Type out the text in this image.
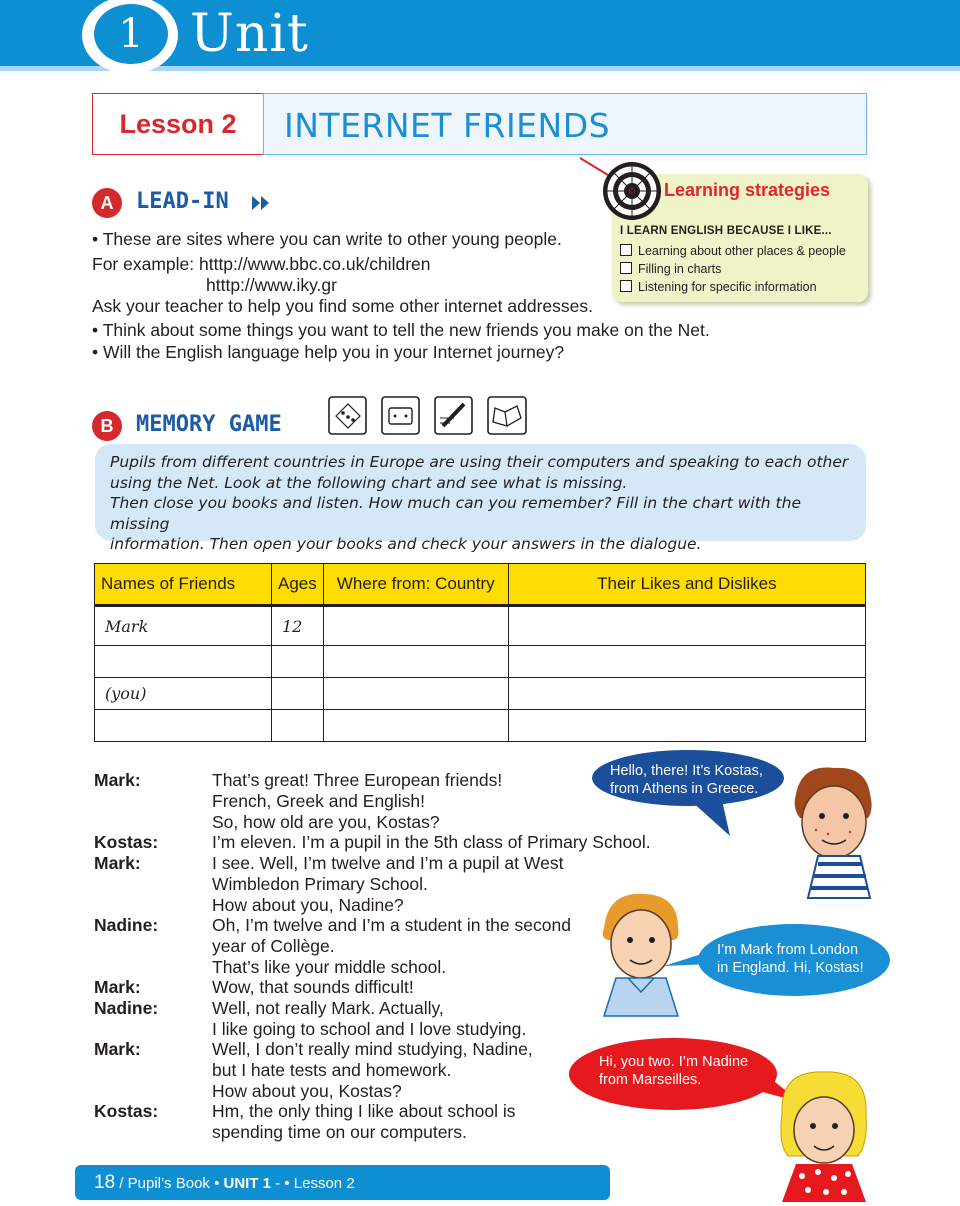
1 Unit
Lesson 2	INTERNET FRIENDS
A	LEAD-IN
• These are sites where you can write to other young people.
For example: htttp://www.bbc.co.uk/children
htttp://www.iky.gr
Ask your teacher to help you find some other internet addresses.
• Think about some things you want to tell the new friends you make on the Net.
• Will the English language help you in your Internet journey?
Learning strategies
I LEARN ENGLISH BECAUSE I LIKE...
Learning about other places & people
Filling in charts
Listening for specific information
B	MEMORY GAME
Pupils from different countries in Europe are using their computers and speaking to each other
using the Net. Look at the following chart and see what is missing.
Then close you books and listen. How much can you remember? Fill in the chart with the missing
information. Then open your books and check your answers in the dialogue.
Names of Friends	Ages	Where from: Country	Their Likes and Dislikes
Mark	12		

(you)			

Mark:	That’s great! Three European friends!
French, Greek and English!
So, how old are you, Kostas?
Kostas:	I’m eleven. I’m a pupil in the 5th class of Primary School.
Mark:	I see. Well, I’m twelve and I’m a pupil at West
Wimbledon Primary School.
How about you, Nadine?
Nadine:	Oh, I’m twelve and I’m a student in the second
year of Collège.
That’s like your middle school.
Mark:	Wow, that sounds difficult!
Nadine:	Well, not really Mark. Actually,
I like going to school and I love studying.
Mark:	Well, I don’t really mind studying, Nadine,
but I hate tests and homework.
How about you, Kostas?
Kostas:	Hm, the only thing I like about school is
spending time on our computers.
Hello, there! It’s Kostas,
from Athens in Greece.
I’m Mark from London
in England. Hi, Kostas!
Hi, you two. I’m Nadine
from Marseilles.
18 / Pupil’s Book • UNIT 1 - • Lesson 2
